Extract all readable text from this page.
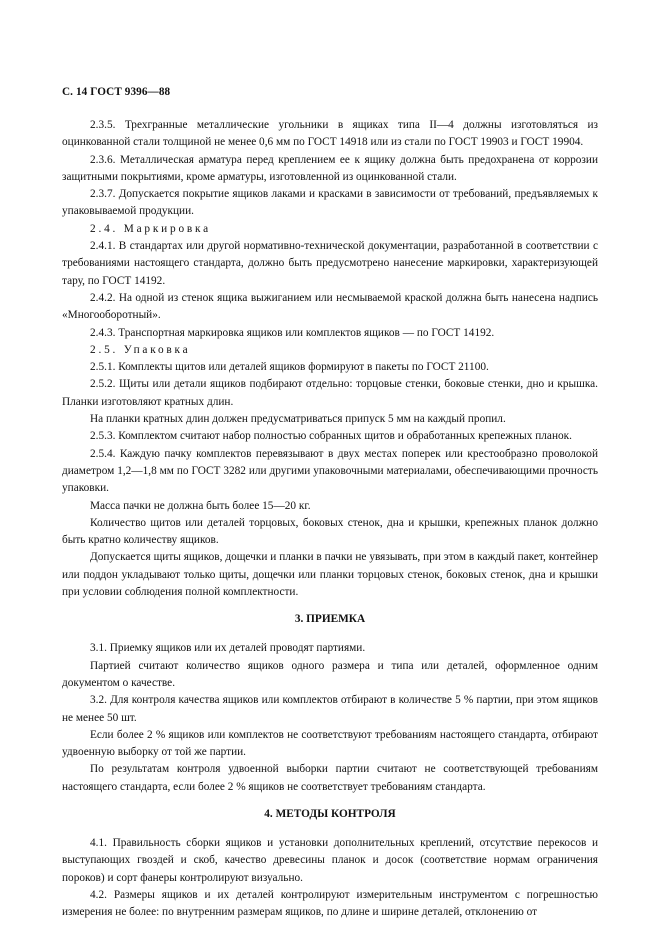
С. 14 ГОСТ 9396—88

2.3.5. Трехгранные металлические угольники в ящиках типа II—4 должны изготовляться из оцинкованной стали толщиной не менее 0,6 мм по ГОСТ 14918 или из стали по ГОСТ 19903 и ГОСТ 19904.

2.3.6. Металлическая арматура перед креплением ее к ящику должна быть предохранена от коррозии защитными покрытиями, кроме арматуры, изготовленной из оцинкованной стали.

2.3.7. Допускается покрытие ящиков лаками и красками в зависимости от требований, предъявляемых к упаковываемой продукции.

2.4. Маркировка

2.4.1. В стандартах или другой нормативно-технической документации, разработанной в соответствии с требованиями настоящего стандарта, должно быть предусмотрено нанесение маркировки, характеризующей тару, по ГОСТ 14192.

2.4.2. На одной из стенок ящика выжиганием или несмываемой краской должна быть нанесена надпись «Многооборотный».

2.4.3. Транспортная маркировка ящиков или комплектов ящиков — по ГОСТ 14192.

2.5. Упаковка

2.5.1. Комплекты щитов или деталей ящиков формируют в пакеты по ГОСТ 21100.

2.5.2. Щиты или детали ящиков подбирают отдельно: торцовые стенки, боковые стенки, дно и крышка. Планки изготовляют кратных длин.

На планки кратных длин должен предусматриваться припуск 5 мм на каждый пропил.

2.5.3. Комплектом считают набор полностью собранных щитов и обработанных крепежных планок.

2.5.4. Каждую пачку комплектов перевязывают в двух местах поперек или крестообразно проволокой диаметром 1,2—1,8 мм по ГОСТ 3282 или другими упаковочными материалами, обеспечивающими прочность упаковки.

Масса пачки не должна быть более 15—20 кг.

Количество щитов или деталей торцовых, боковых стенок, дна и крышки, крепежных планок должно быть кратно количеству ящиков.

Допускается щиты ящиков, дощечки и планки в пачки не увязывать, при этом в каждый пакет, контейнер или поддон укладывают только щиты, дощечки или планки торцовых стенок, боковых стенок, дна и крышки при условии соблюдения полной комплектности.

3. ПРИЕМКА

3.1. Приемку ящиков или их деталей проводят партиями.

Партией считают количество ящиков одного размера и типа или деталей, оформленное одним документом о качестве.

3.2. Для контроля качества ящиков или комплектов отбирают в количестве 5 % партии, при этом ящиков не менее 50 шт.

Если более 2 % ящиков или комплектов не соответствуют требованиям настоящего стандарта, отбирают удвоенную выборку от той же партии.

По результатам контроля удвоенной выборки партии считают не соответствующей требованиям настоящего стандарта, если более 2 % ящиков не соответствует требованиям стандарта.

4. МЕТОДЫ КОНТРОЛЯ

4.1. Правильность сборки ящиков и установки дополнительных креплений, отсутствие перекосов и выступающих гвоздей и скоб, качество древесины планок и досок (соответствие нормам ограничения пороков) и сорт фанеры контролируют визуально.

4.2. Размеры ящиков и их деталей контролируют измерительным инструментом с погрешностью измерения не более: по внутренним размерам ящиков, по длине и ширине деталей, отклонению от
